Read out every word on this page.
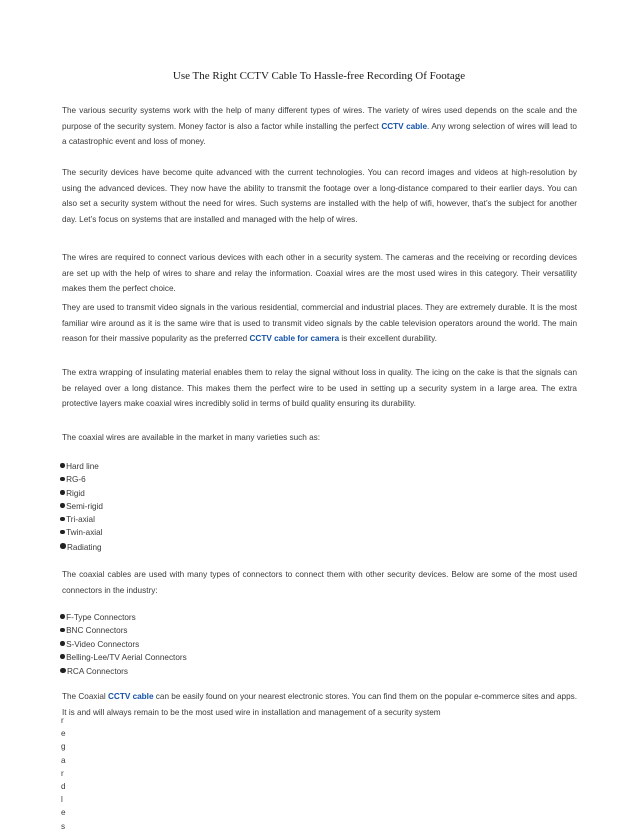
Use The Right CCTV Cable To Hassle-free Recording Of Footage
The various security systems work with the help of many different types of wires. The variety of wires used depends on the scale and the purpose of the security system. Money factor is also a factor while installing the perfect CCTV cable. Any wrong selection of wires will lead to a catastrophic event and loss of money.
The security devices have become quite advanced with the current technologies. You can record images and videos at high-resolution by using the advanced devices. They now have the ability to transmit the footage over a long-distance compared to their earlier days. You can also set a security system without the need for wires. Such systems are installed with the help of wifi, however, that’s the subject for another day. Let’s focus on systems that are installed and managed with the help of wires.
The wires are required to connect various devices with each other in a security system. The cameras and the receiving or recording devices are set up with the help of wires to share and relay the information. Coaxial wires are the most used wires in this category. Their versatility makes them the perfect choice.
They are used to transmit video signals in the various residential, commercial and industrial places. They are extremely durable. It is the most familiar wire around as it is the same wire that is used to transmit video signals by the cable television operators around the world. The main reason for their massive popularity as the preferred CCTV cable for camera is their excellent durability.
The extra wrapping of insulating material enables them to relay the signal without loss in quality. The icing on the cake is that the signals can be relayed over a long distance. This makes them the perfect wire to be used in setting up a security system in a large area. The extra protective layers make coaxial wires incredibly solid in terms of build quality ensuring its durability.
The coaxial wires are available in the market in many varieties such as:
Hard line
RG-6
Rigid
Semi-rigid
Tri-axial
Twin-axial
Radiating
The coaxial cables are used with many types of connectors to connect them with other security devices. Below are some of the most used connectors in the industry:
F-Type Connectors
BNC Connectors
S-Video Connectors
Belling-Lee/TV Aerial Connectors
RCA Connectors
The Coaxial CCTV cable can be easily found on your nearest electronic stores. You can find them on the popular e-commerce sites and apps. It is and will always remain to be the most used wire in installation and management of a security system
r
e
g
a
r
d
l
e
s
